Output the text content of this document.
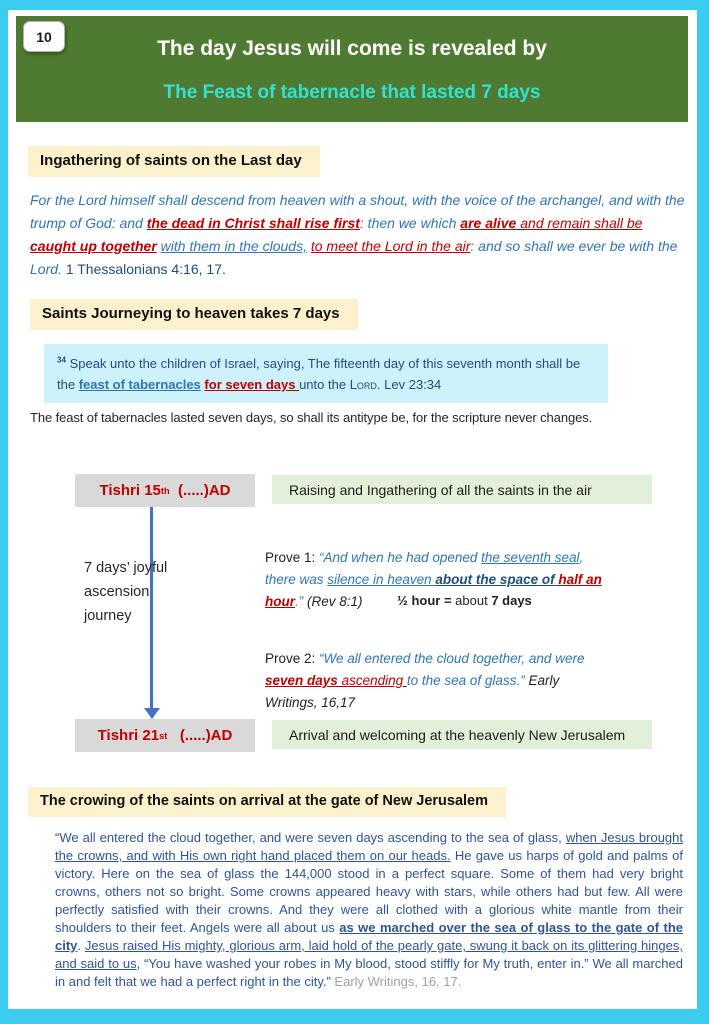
10
The day Jesus will come is revealed by
The Feast of tabernacle that lasted 7 days
Ingathering of saints on the Last day

For the Lord himself shall descend from heaven with a shout, with the voice of the archangel, and with the trump of God: and the dead in Christ shall rise first: then we which are alive and remain shall be caught up together with them in the clouds, to meet the Lord in the air: and so shall we ever be with the Lord. 1 Thessalonians 4:16, 17.

Saints Journeying to heaven takes 7 days
$^{34}$ Speak unto the children of Israel, saying, The fifteenth day of this seventh month shall be the feast of tabernacles for seven days unto the Lord. Lev 23:34

The feast of tabernacles lasted seven days, so shall its antitype be, for the scripture never changes.

Tishri 15 th (.....)AD	Raising and Ingathering of all the saints in the air
7 days’ joyful ascension journey

Prove 1: “And when he had opened the seventh seal, there was silence in heaven about the space of half an hour.” (Rev 8:1)	½ hour = about 7 days

Prove 2: “We all entered the cloud together, and were seven days ascending to the sea of glass.” Early Writings, 16,17

Tishri 21 st (.....)AD	Arrival and welcoming at the heavenly New Jerusalem
The crowing of the saints on arrival at the gate of New Jerusalem

“We all entered the cloud together, and were seven days ascending to the sea of glass, when Jesus brought the crowns, and with His own right hand placed them on our heads. He gave us harps of gold and palms of victory. Here on the sea of glass the 144,000 stood in a perfect square. Some of them had very bright crowns, others not so bright. Some crowns appeared heavy with stars, while others had but few. All were perfectly satisfied with their crowns. And they were all clothed with a glorious white mantle from their shoulders to their feet. Angels were all about us as we marched over the sea of glass to the gate of the city. Jesus raised His mighty, glorious arm, laid hold of the pearly gate, swung it back on its glittering hinges, and said to us, “You have washed your robes in My blood, stood stiffly for My truth, enter in.” We all marched in and felt that we had a perfect right in the city.” Early Writings, 16, 17.
